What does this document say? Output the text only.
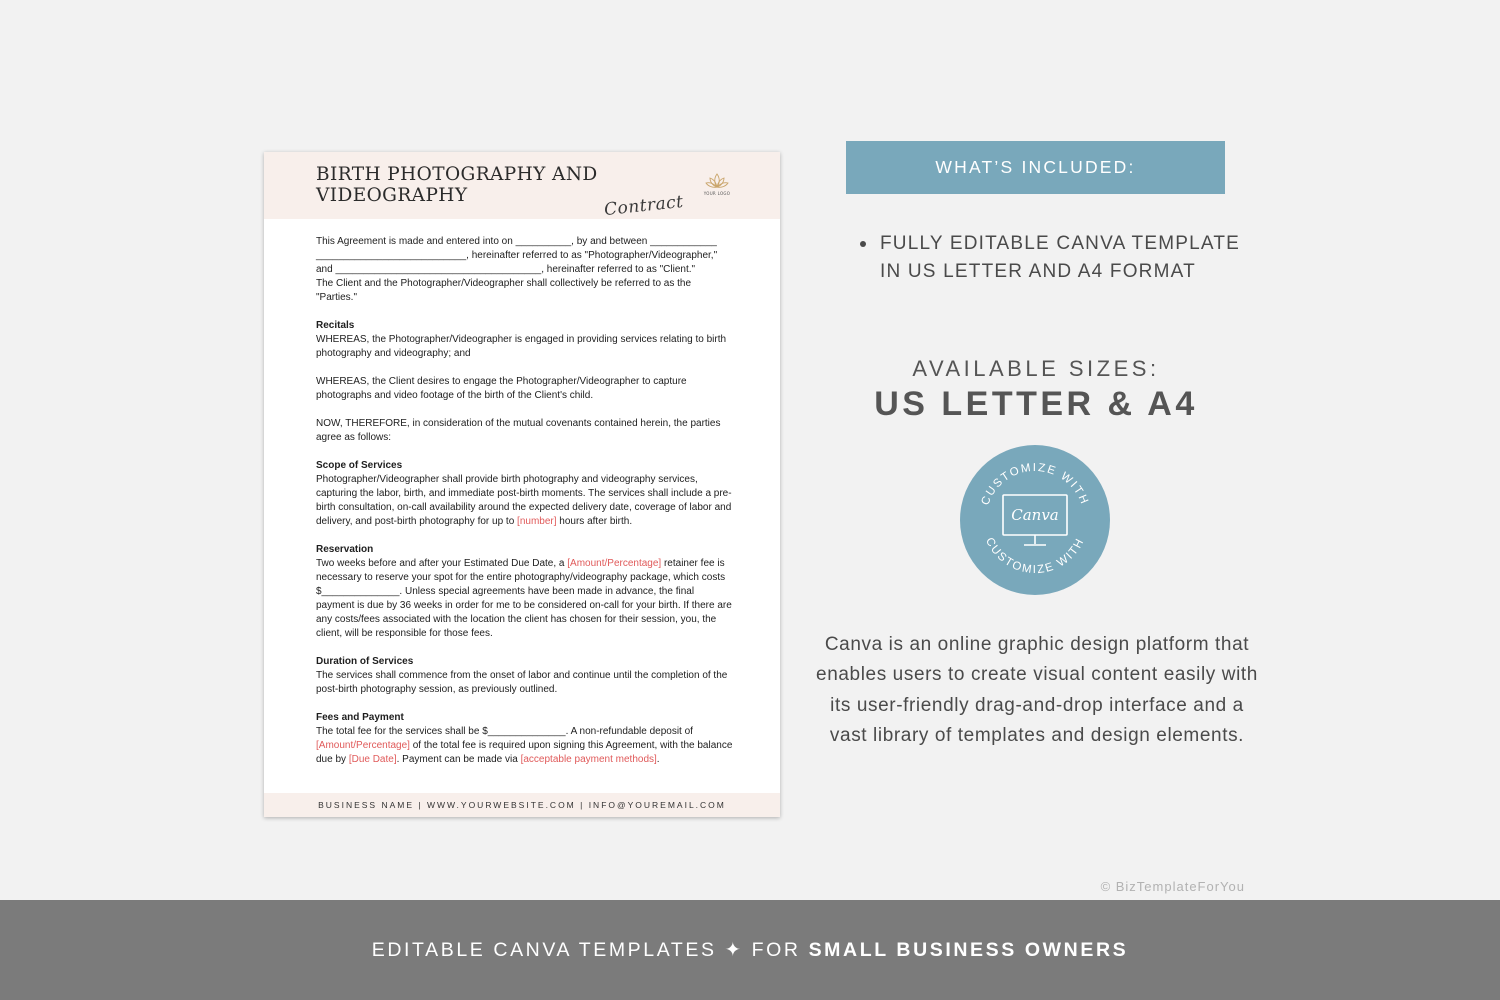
BIRTH PHOTOGRAPHY AND
VIDEOGRAPHY	Contract	YOUR LOGO

This Agreement is made and entered into on __________, by and between ____________
___________________________, hereinafter referred to as "Photographer/Videographer,"
and _____________________________________, hereinafter referred to as "Client."
The Client and the Photographer/Videographer shall collectively be referred to as the
"Parties."

Recitals
WHEREAS, the Photographer/Videographer is engaged in providing services relating to birth photography and videography; and

WHEREAS, the Client desires to engage the Photographer/Videographer to capture photographs and video footage of the birth of the Client's child.

NOW, THEREFORE, in consideration of the mutual covenants contained herein, the parties agree as follows:

Scope of Services
Photographer/Videographer shall provide birth photography and videography services, capturing the labor, birth, and immediate post-birth moments. The services shall include a pre-birth consultation, on-call availability around the expected delivery date, coverage of labor and delivery, and post-birth photography for up to [number] hours after birth.

Reservation
Two weeks before and after your Estimated Due Date, a [Amount/Percentage] retainer fee is necessary to reserve your spot for the entire photography/videography package, which costs $______________. Unless special agreements have been made in advance, the final payment is due by 36 weeks in order for me to be considered on-call for your birth. If there are any costs/fees associated with the location the client has chosen for their session, you, the client, will be responsible for those fees.

Duration of Services
The services shall commence from the onset of labor and continue until the completion of the post-birth photography session, as previously outlined.

Fees and Payment
The total fee for the services shall be $______________. A non-refundable deposit of [Amount/Percentage] of the total fee is required upon signing this Agreement, with the balance due by [Due Date]. Payment can be made via [acceptable payment methods].

BUSINESS NAME | WWW.YOURWEBSITE.COM | INFO@YOUREMAIL.COM
WHAT’S INCLUDED:
FULLY EDITABLE CANVA TEMPLATE
IN US LETTER AND A4 FORMAT
AVAILABLE SIZES:
US LETTER & A4
CUSTOMIZE WITH
CUSTOMIZE WITH
Canva

Canva is an online graphic design platform that enables users to create visual content easily with its user-friendly drag-and-drop interface and a vast library of templates and design elements.

© BizTemplateForYou
EDITABLE CANVA TEMPLATES ✦ FOR SMALL BUSINESS OWNERS
